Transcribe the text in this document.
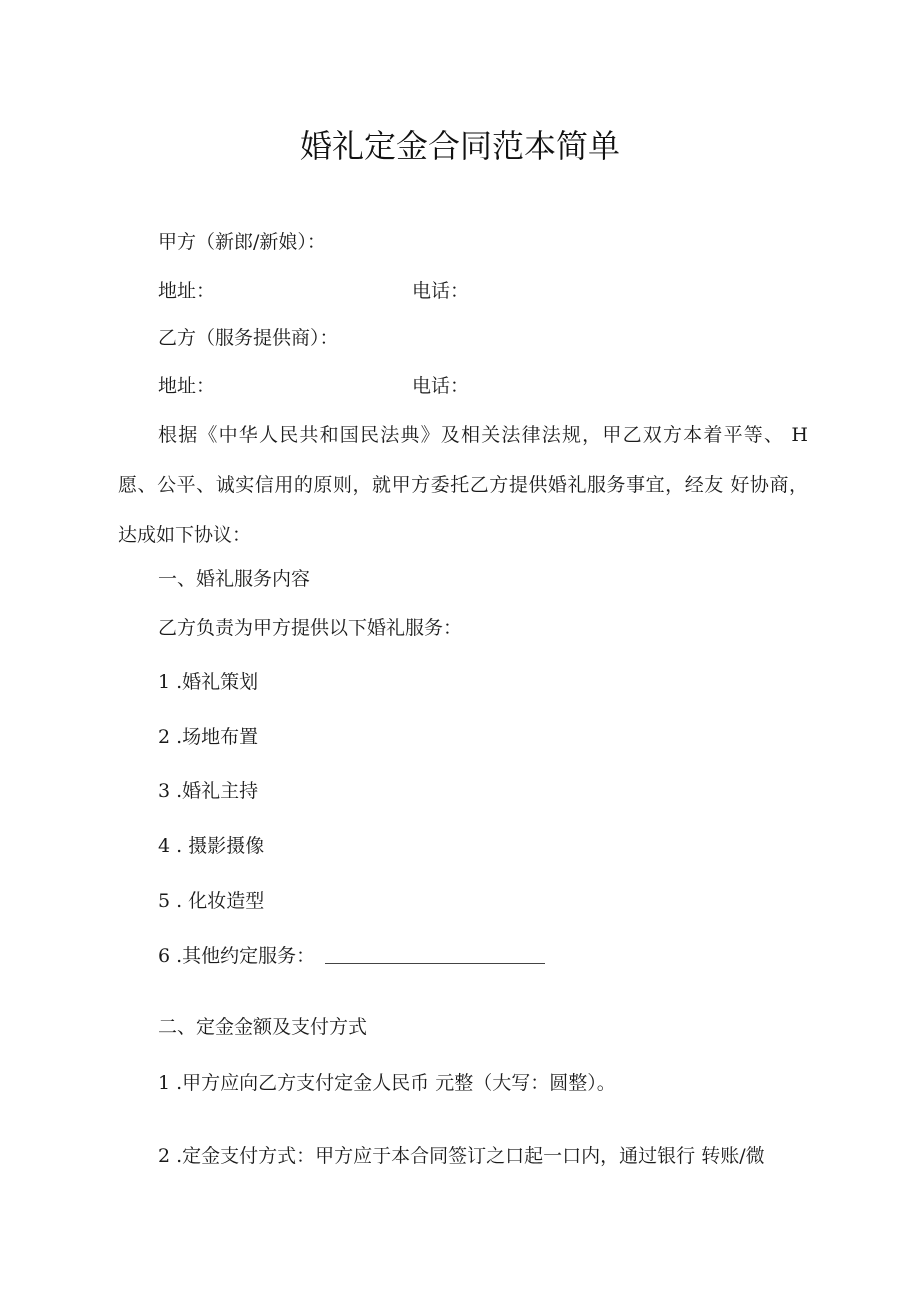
婚礼定金合同范本简单
甲方（新郎/新娘）：
地址：	电话：
乙方（服务提供商）：
地址：	电话：
根据《中华人民共和国民法典》及相关法律法规，甲乙双方本着平等、 H
愿、公平、诚实信用的原则，就甲方委托乙方提供婚礼服务事宜，经友 好协商，
达成如下协议：
一、婚礼服务内容
乙方负责为甲方提供以下婚礼服务：
1 .婚礼策划
2 .场地布置
3 .婚礼主持
4 . 摄影摄像
5 . 化妆造型
6 .其他约定服务：
二、定金金额及支付方式
1 .甲方应向乙方支付定金人民币 元整（大写：圆整）。
2 .定金支付方式：甲方应于本合同签订之口起一口内，通过银行 转账/微
